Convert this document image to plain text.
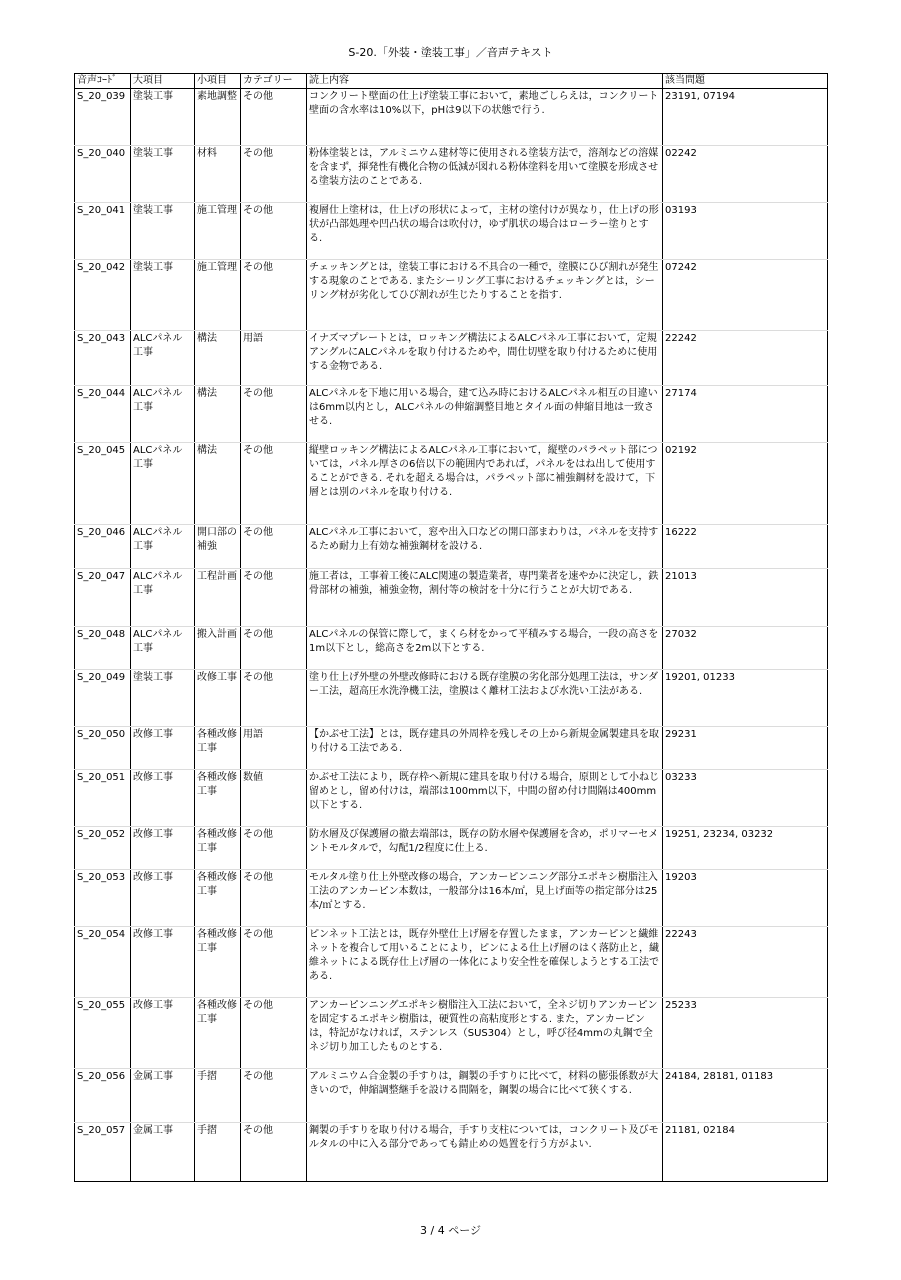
S-20.「外装・塗装工事」／音声テキスト
音声ｺｰﾄﾞ	大項目	小項目	カテゴリー	読上内容	該当問題
S_20_039	塗装工事	素地調整	その他	コンクリート壁面の仕上げ塗装工事において，素地ごしらえは，コンクリート壁面の含水率は10%以下，pHは9以下の状態で行う.	23191, 07194
S_20_040	塗装工事	材料	その他	粉体塗装とは，アルミニウム建材等に使用される塗装方法で，溶剤などの溶媒を含まず，揮発性有機化合物の低減が図れる粉体塗料を用いて塗膜を形成させる塗装方法のことである.	02242
S_20_041	塗装工事	施工管理	その他	複層仕上塗材は，仕上げの形状によって，主材の塗付けが異なり，仕上げの形状が凸部処理や凹凸状の場合は吹付け，ゆず肌状の場合はローラー塗りとする.	03193
S_20_042	塗装工事	施工管理	その他	チェッキングとは，塗装工事における不具合の一種で，塗膜にひび割れが発生する現象のことである. またシーリング工事におけるチェッキングとは，シーリング材が劣化してひび割れが生じたりすることを指す.	07242
S_20_043	ALCパネル工事	構法	用語	イナズマプレートとは，ロッキング構法によるALCパネル工事において，定規アングルにALCパネルを取り付けるためや，間仕切壁を取り付けるために使用する金物である.	22242
S_20_044	ALCパネル工事	構法	その他	ALCパネルを下地に用いる場合，建て込み時におけるALCパネル相互の目違いは6mm以内とし，ALCパネルの伸縮調整目地とタイル面の伸縮目地は一致させる.	27174
S_20_045	ALCパネル工事	構法	その他	縦壁ロッキング構法によるALCパネル工事において，縦壁のパラペット部については，パネル厚さの6倍以下の範囲内であれば，パネルをはね出して使用することができる. それを超える場合は，パラペット部に補強鋼材を設けて，下層とは別のパネルを取り付ける.	02192
S_20_046	ALCパネル工事	開口部の補強	その他	ALCパネル工事において，窓や出入口などの開口部まわりは，パネルを支持するため耐力上有効な補強鋼材を設ける.	16222
S_20_047	ALCパネル工事	工程計画	その他	施工者は，工事着工後にALC関連の製造業者，専門業者を速やかに決定し，鉄骨部材の補強，補強金物，割付等の検討を十分に行うことが大切である.	21013
S_20_048	ALCパネル工事	搬入計画	その他	ALCパネルの保管に際して，まくら材をかって平積みする場合，一段の高さを1m以下とし，総高さを2m以下とする.	27032
S_20_049	塗装工事	改修工事	その他	塗り仕上げ外壁の外壁改修時における既存塗膜の劣化部分処理工法は，サンダー工法，超高圧水洗浄機工法，塗膜はく離材工法および水洗い工法がある.	19201, 01233
S_20_050	改修工事	各種改修工事	用語	【かぶせ工法】とは，既存建具の外周枠を残しその上から新規金属製建具を取り付ける工法である.	29231
S_20_051	改修工事	各種改修工事	数値	かぶせ工法により，既存枠へ新規に建具を取り付ける場合，原則として小ねじ留めとし，留め付けは，端部は100mm以下，中間の留め付け間隔は400mm以下とする.	03233
S_20_052	改修工事	各種改修工事	その他	防水層及び保護層の撤去端部は，既存の防水層や保護層を含め，ポリマーセメントモルタルで，勾配1/2程度に仕上る.	19251, 23234, 03232
S_20_053	改修工事	各種改修工事	その他	モルタル塗り仕上外壁改修の場合，アンカーピンニング部分エポキシ樹脂注入工法のアンカーピン本数は，一般部分は16本/㎡，見上げ面等の指定部分は25本/㎡とする.	19203
S_20_054	改修工事	各種改修工事	その他	ピンネット工法とは，既存外壁仕上げ層を存置したまま，アンカーピンと繊維ネットを複合して用いることにより，ピンによる仕上げ層のはく落防止と，繊維ネットによる既存仕上げ層の一体化により安全性を確保しようとする工法である.	22243
S_20_055	改修工事	各種改修工事	その他	アンカーピンニングエポキシ樹脂注入工法において，全ネジ切りアンカーピンを固定するエポキシ樹脂は，硬質性の高粘度形とする. また，アンカーピンは，特記がなければ，ステンレス（SUS304）とし，呼び径4mmの丸鋼で全ネジ切り加工したものとする.	25233
S_20_056	金属工事	手摺	その他	アルミニウム合金製の手すりは，鋼製の手すりに比べて，材料の膨張係数が大きいので，伸縮調整継手を設ける間隔を，鋼製の場合に比べて狭くする.	24184, 28181, 01183
S_20_057	金属工事	手摺	その他	鋼製の手すりを取り付ける場合，手すり支柱については，コンクリート及びモルタルの中に入る部分であっても錆止めの処置を行う方がよい.	21181, 02184
3 / 4 ページ
